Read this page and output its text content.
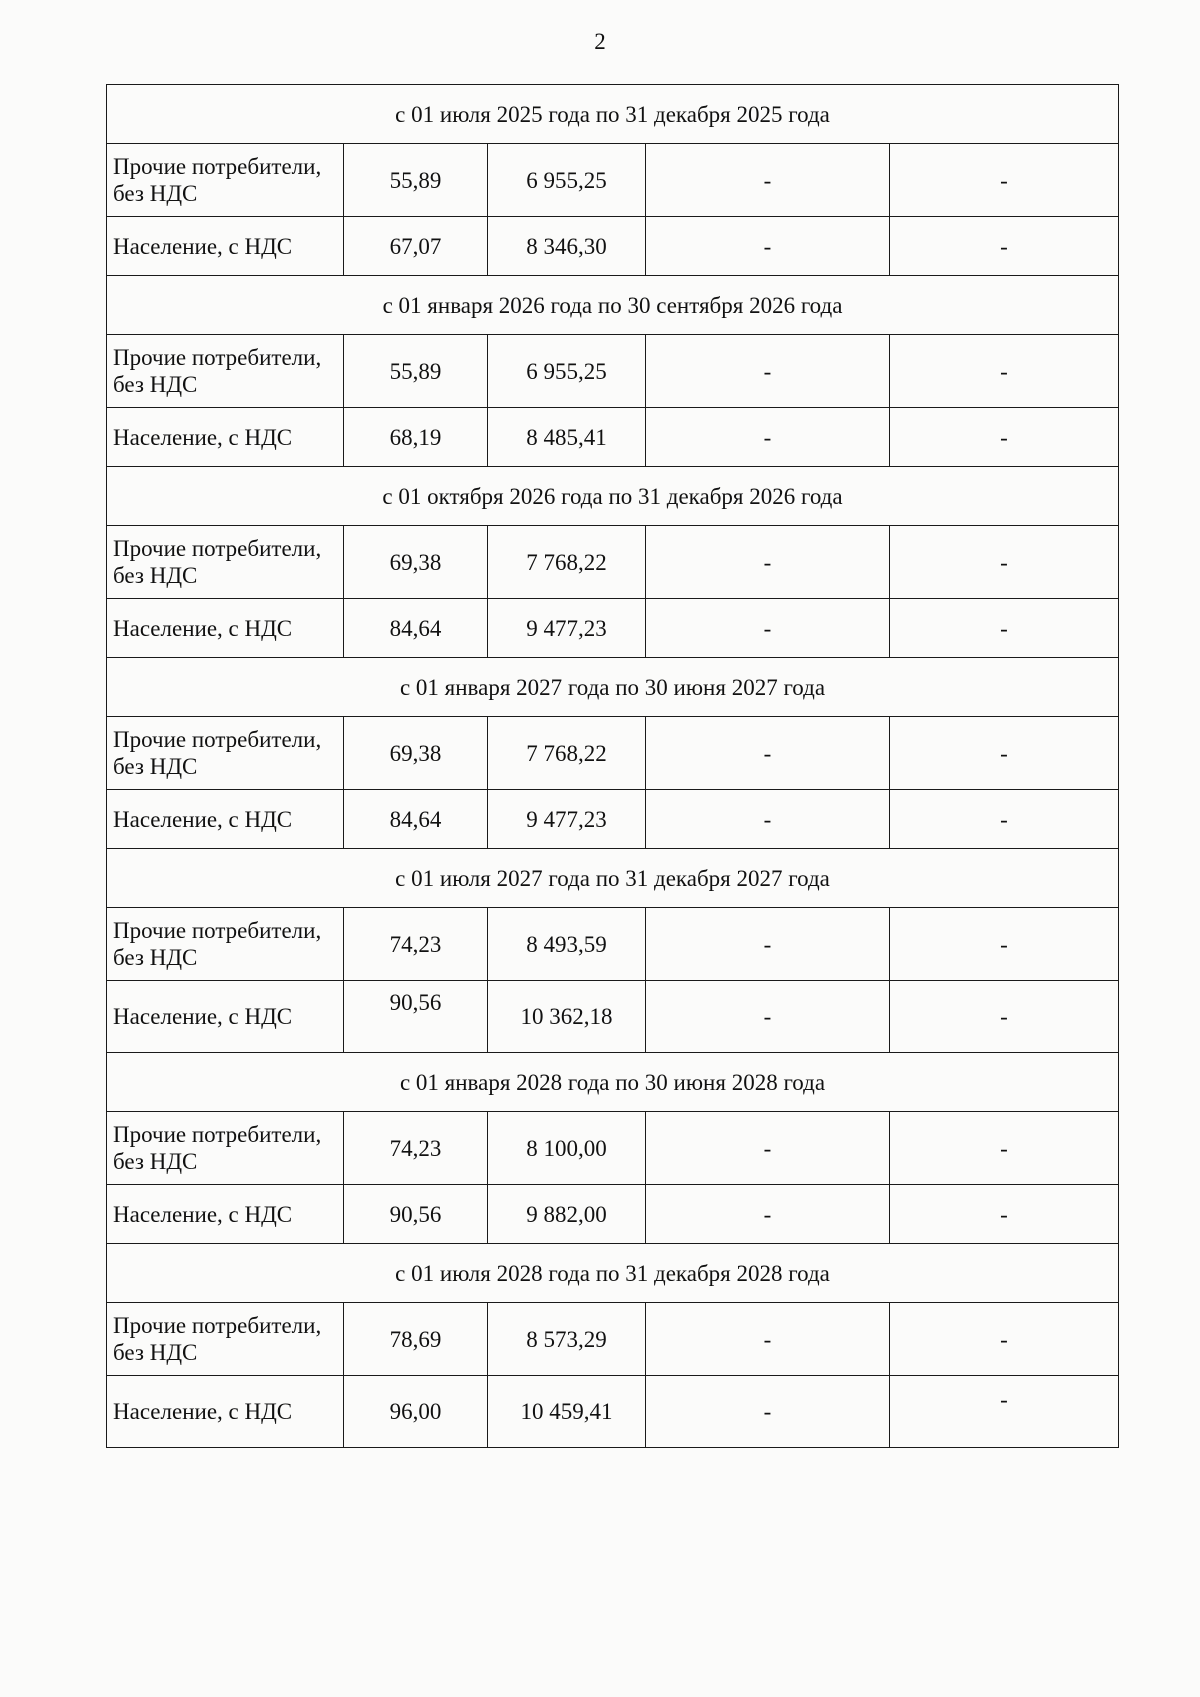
2
с 01 июля 2025 года по 31 декабря 2025 года				
Прочие потребители, без НДС	55,89	6 955,25	-	-
Население, с НДС	67,07	8 346,30	-	-
с 01 января 2026 года по 30 сентября 2026 года				
Прочие потребители, без НДС	55,89	6 955,25	-	-
Население, с НДС	68,19	8 485,41	-	-
с 01 октября 2026 года по 31 декабря 2026 года				
Прочие потребители, без НДС	69,38	7 768,22	-	-
Население, с НДС	84,64	9 477,23	-	-
с 01 января 2027 года по 30 июня 2027 года				
Прочие потребители, без НДС	69,38	7 768,22	-	-
Население, с НДС	84,64	9 477,23	-	-
с 01 июля 2027 года по 31 декабря 2027 года				
Прочие потребители, без НДС	74,23	8 493,59	-	-
Население, с НДС	90,56	10 362,18	-	-
с 01 января 2028 года по 30 июня 2028 года				
Прочие потребители, без НДС	74,23	8 100,00	-	-
Население, с НДС	90,56	9 882,00	-	-
с 01 июля 2028 года по 31 декабря 2028 года				
Прочие потребители, без НДС	78,69	8 573,29	-	-
Население, с НДС	96,00	10 459,41	-	-
